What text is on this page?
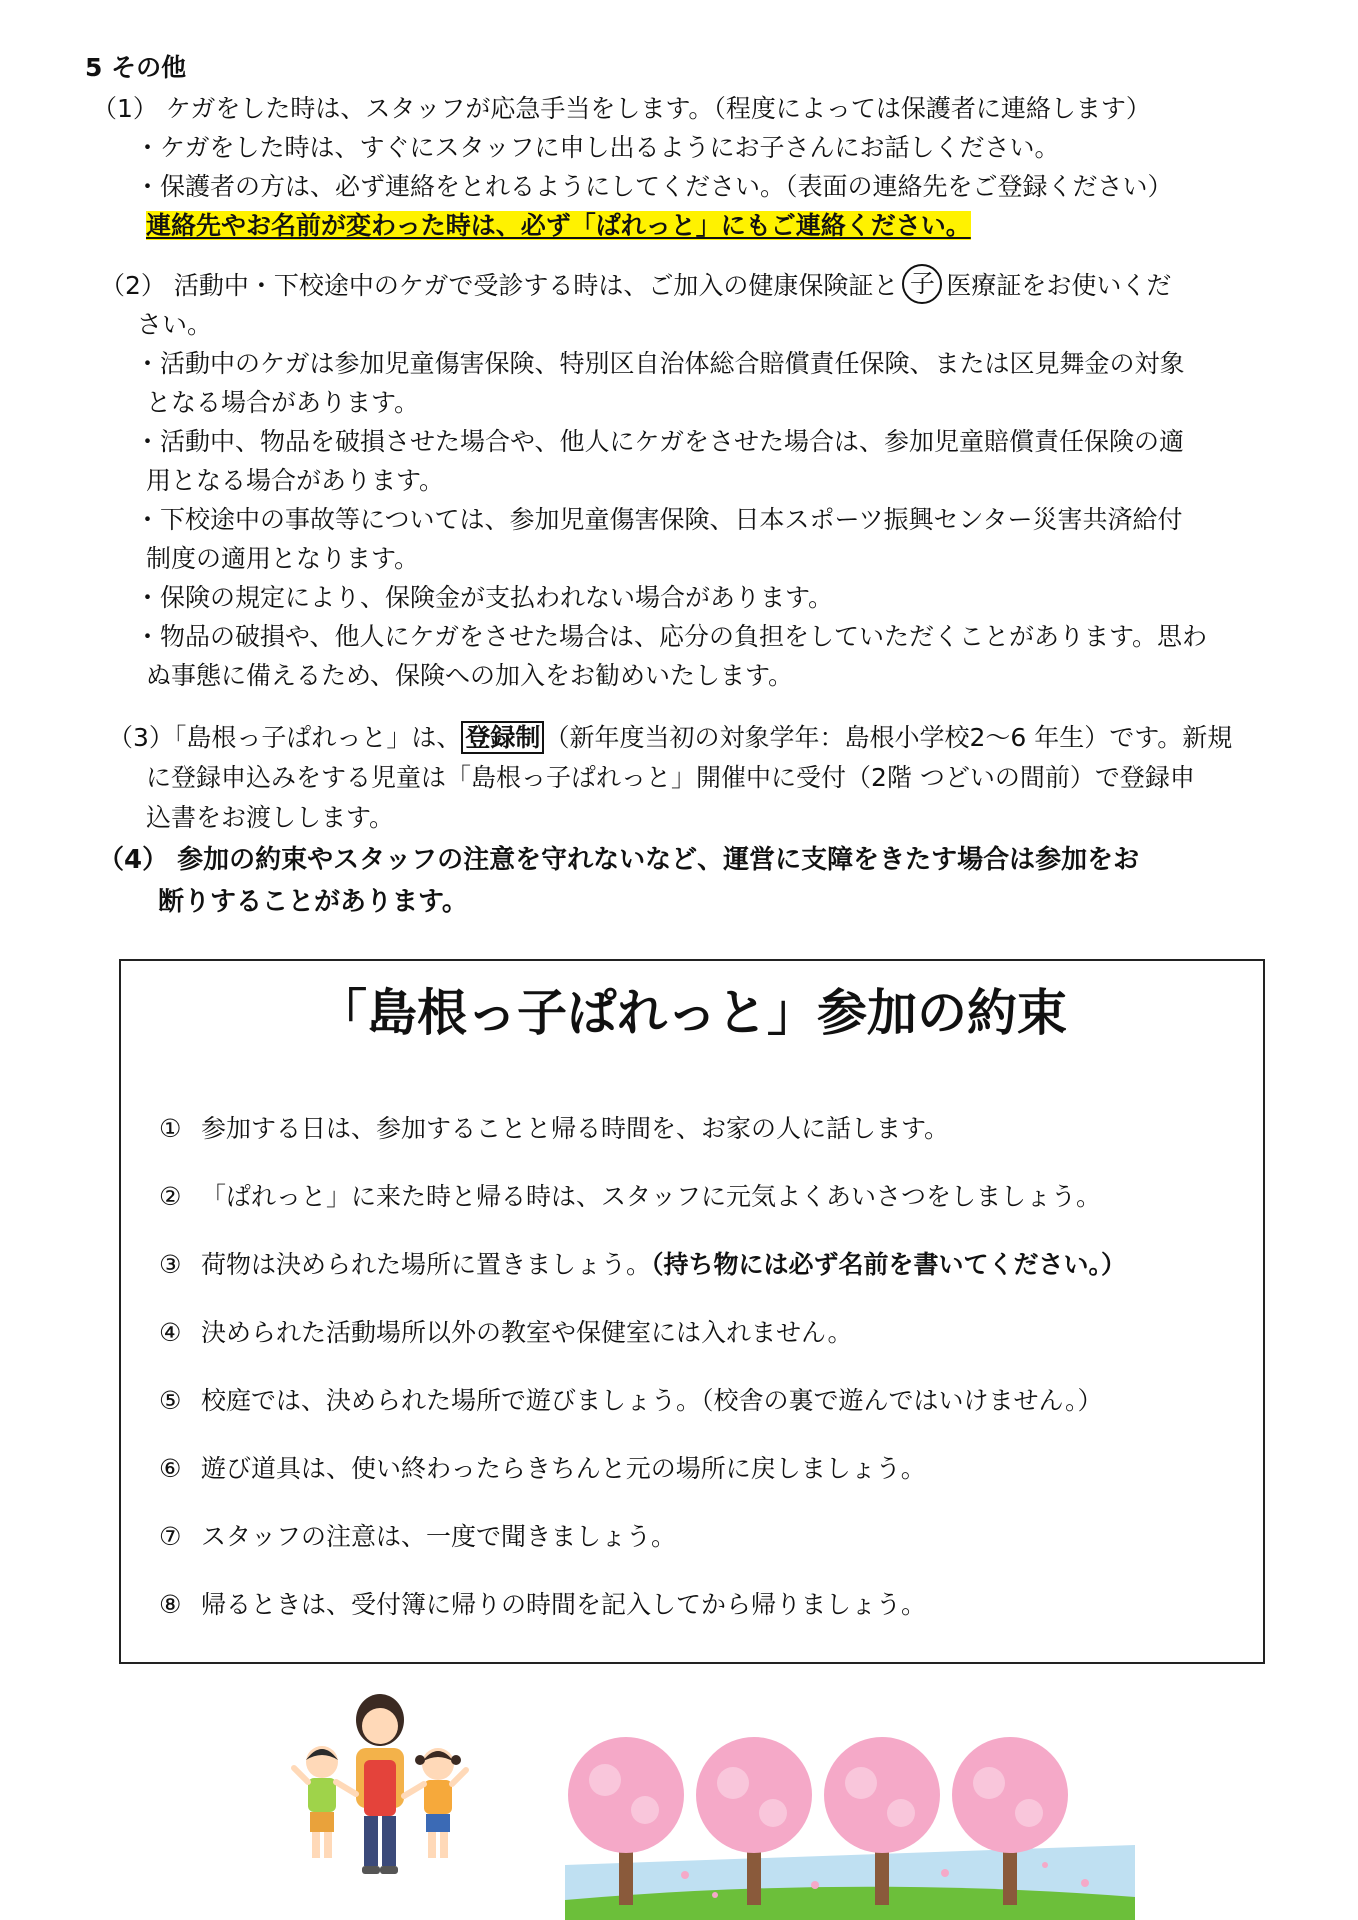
5 その他
（1） ケガをした時は、スタッフが応急手当をします。（程度によっては保護者に連絡します）
・ケガをした時は、すぐにスタッフに申し出るようにお子さんにお話しください。
・保護者の方は、必ず連絡をとれるようにしてください。（表面の連絡先をご登録ください）
連絡先やお名前が変わった時は、必ず「ぱれっと」にもご連絡ください。
（2） 活動中・下校途中のケガで受診する時は、ご加入の健康保険証と 子 医療証をお使いくだ
さい。
・活動中のケガは参加児童傷害保険、特別区自治体総合賠償責任保険、または区見舞金の対象
となる場合があります。
・活動中、物品を破損させた場合や、他人にケガをさせた場合は、参加児童賠償責任保険の適
用となる場合があります。
・下校途中の事故等については、参加児童傷害保険、日本スポーツ振興センター災害共済給付
制度の適用となります。
・保険の規定により、保険金が支払われない場合があります。
・物品の破損や、他人にケガをさせた場合は、応分の負担をしていただくことがあります。思わ
ぬ事態に備えるため、保険への加入をお勧めいたします。
（3）「島根っ子ぱれっと」は、 登録制 （新年度当初の対象学年：島根小学校2～6 年生）です。新規
に登録申込みをする児童は「島根っ子ぱれっと」開催中に受付（2階 つどいの間前）で登録申
込書をお渡しします。
（4） 参加の約束やスタッフの注意を守れないなど、運営に支障をきたす場合は参加をお
断りすることがあります。
「島根っ子ぱれっと」参加の約束
① 参加する日は、参加することと帰る時間を、お家の人に話します。
② 「ぱれっと」に来た時と帰る時は、スタッフに元気よくあいさつをしましょう。
③ 荷物は決められた場所に置きましょう。（持ち物には必ず名前を書いてください。）
④ 決められた活動場所以外の教室や保健室には入れません。
⑤ 校庭では、決められた場所で遊びましょう。（校舎の裏で遊んではいけません。）
⑥ 遊び道具は、使い終わったらきちんと元の場所に戻しましょう。
⑦ スタッフの注意は、一度で聞きましょう。
⑧ 帰るときは、受付簿に帰りの時間を記入してから帰りましょう。
